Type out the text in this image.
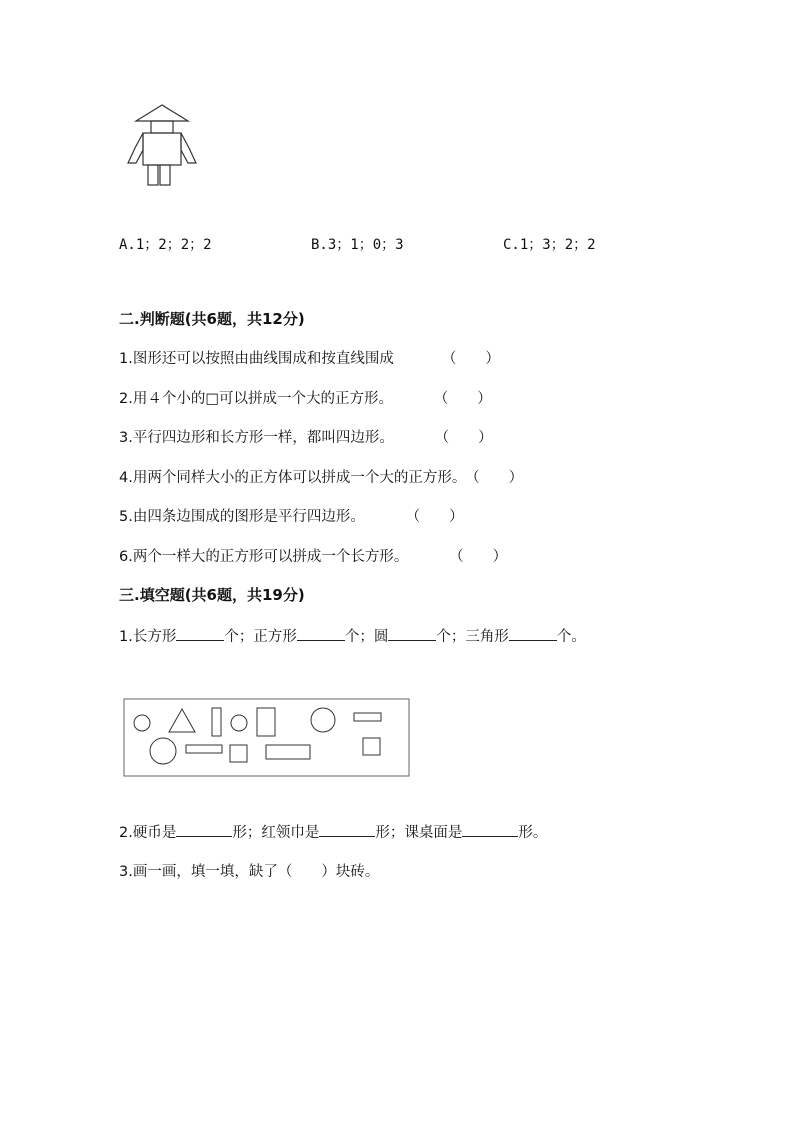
A.1；2；2；2	B.3；1；0；3	C.1；3；2；2
二.判断题(共6题，共12分)
1.图形还可以按照由曲线围成和按直线围成	（　　）
2.用４个小的□可以拼成一个大的正方形。	（　　）
3.平行四边形和长方形一样，都叫四边形。	（　　）
4.用两个同样大小的正方体可以拼成一个大的正方形。 （　　）
5.由四条边围成的图形是平行四边形。	（　　）
6.两个一样大的正方形可以拼成一个长方形。	（　　）
三.填空题(共6题，共19分)
1.长方形	个；正方形	个；圆	个；三角形	个。
2.硬币是	形；红领巾是	形；课桌面是	形。
3.画一画，填一填，缺了（　　）块砖。
